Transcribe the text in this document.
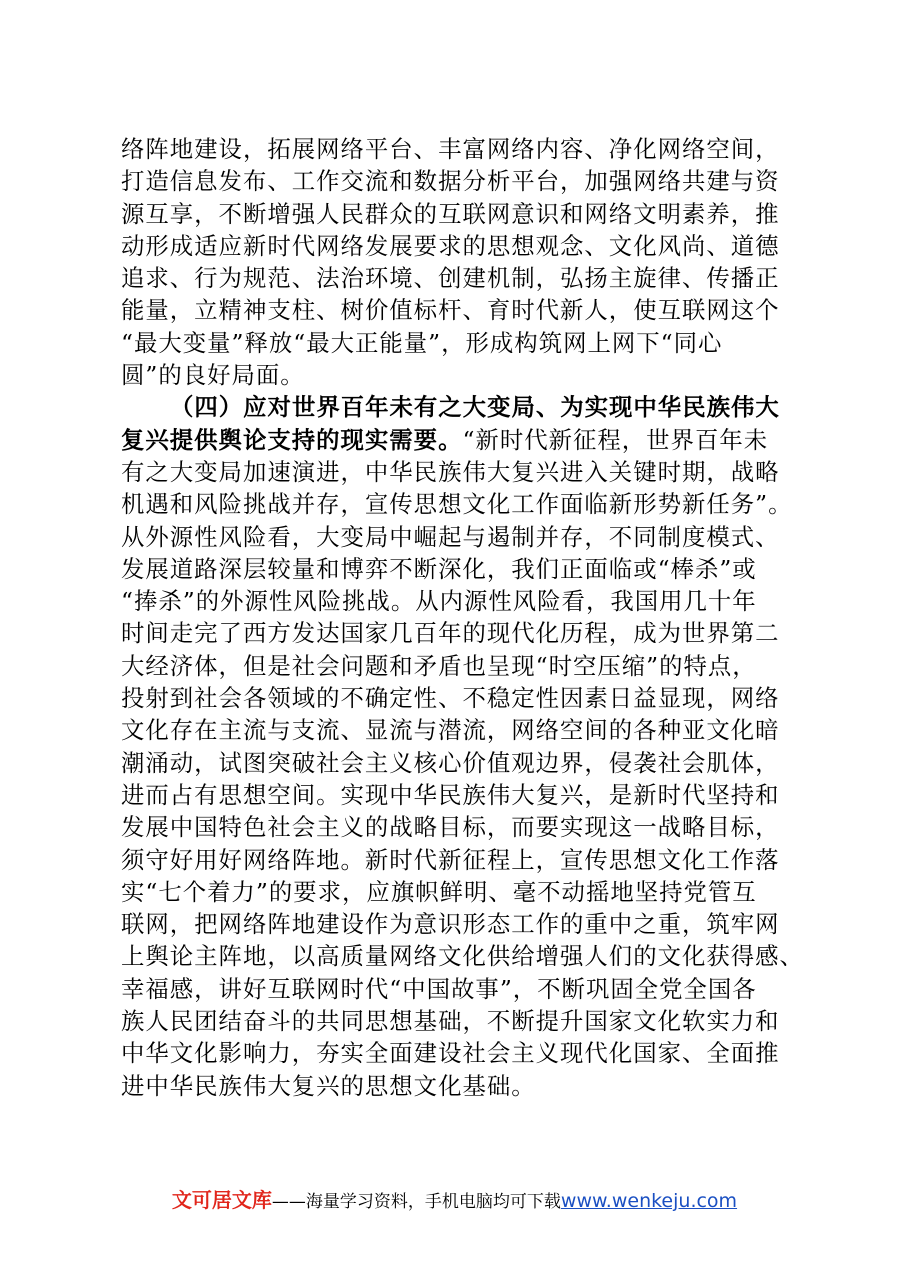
络阵地建设，拓展网络平台、丰富网络内容、净化网络空间，
打造信息发布、工作交流和数据分析平台，加强网络共建与资
源互享，不断增强人民群众的互联网意识和网络文明素养，推
动形成适应新时代网络发展要求的思想观念、文化风尚、道德
追求、行为规范、法治环境、创建机制，弘扬主旋律、传播正
能量，立精神支柱、树价值标杆、育时代新人，使互联网这个
“最大变量”释放“最大正能量”，形成构筑网上网下“同心
圆”的良好局面。
（四）应对世界百年未有之大变局、为实现中华民族伟大
复兴提供舆论支持的现实需要。“新时代新征程，世界百年未
有之大变局加速演进，中华民族伟大复兴进入关键时期，战略
机遇和风险挑战并存，宣传思想文化工作面临新形势新任务”。
从外源性风险看，大变局中崛起与遏制并存，不同制度模式、
发展道路深层较量和博弈不断深化，我们正面临或“棒杀”或
“捧杀”的外源性风险挑战。从内源性风险看，我国用几十年
时间走完了西方发达国家几百年的现代化历程，成为世界第二
大经济体，但是社会问题和矛盾也呈现“时空压缩”的特点，
投射到社会各领域的不确定性、不稳定性因素日益显现，网络
文化存在主流与支流、显流与潜流，网络空间的各种亚文化暗
潮涌动，试图突破社会主义核心价值观边界，侵袭社会肌体，
进而占有思想空间。实现中华民族伟大复兴，是新时代坚持和
发展中国特色社会主义的战略目标，而要实现这一战略目标，
须守好用好网络阵地。新时代新征程上，宣传思想文化工作落
实“七个着力”的要求，应旗帜鲜明、毫不动摇地坚持党管互
联网，把网络阵地建设作为意识形态工作的重中之重，筑牢网
上舆论主阵地，以高质量网络文化供给增强人们的文化获得感、
幸福感，讲好互联网时代“中国故事”，不断巩固全党全国各
族人民团结奋斗的共同思想基础，不断提升国家文化软实力和
中华文化影响力，夯实全面建设社会主义现代化国家、全面推
进中华民族伟大复兴的思想文化基础。
文可居文库——海量学习资料，手机电脑均可下载www.wenkeju.com
